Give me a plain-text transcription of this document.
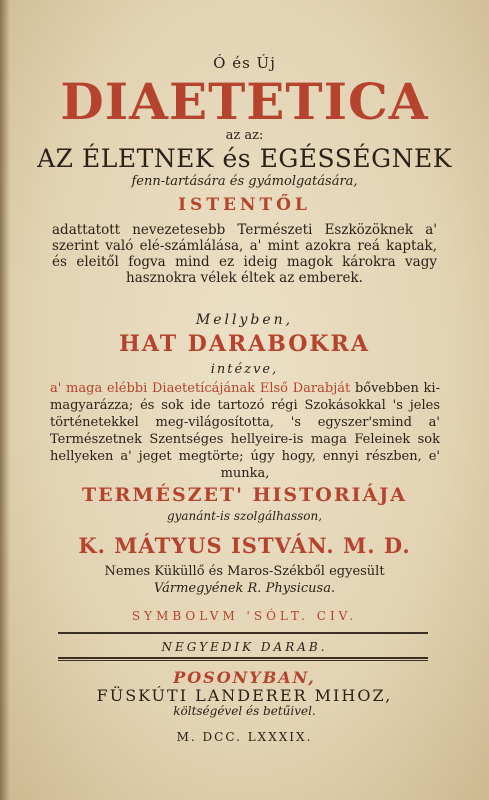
Ó és Új
DIAETETICA
az az:
AZ ÉLETNEK és EGÉSSÉGNEK
fenn-tartására és gyámolgatására,
ISTENTŐL
adattatott nevezetesebb Természeti Eszközöknek a' szerint való elé-számlálása, a' mint azokra reá kaptak, és eleitől fogva mind ez ideig magok károkra vagy hasznokra vélek éltek az emberek.
Mellyben,
HAT DARABOKRA
intézve,
a' maga elébbi Diaetetícájának Első Darabját bővebben ki-magyarázza; és sok ide tartozó régi Szokásokkal 's jeles történetekkel meg-világosította, 's egyszer'smind a' Természetnek Szentséges hellyeire-is maga Feleinek sok hellyeken a' jeget megtörte; úgy hogy, ennyi részben, e' munka,
TERMÉSZET' HISTORIÁJA
gyanánt-is szolgálhasson,
K. MÁTYUS ISTVÁN. M. D.
Nemes Küküllő és Maros-Székből egyesült
Vármegyének R. Physicusa.
SYMBOLVM 'SÓLT. CIV.
NEGYEDIK DARAB.
POSONYBAN,
FÜSKÚTI LANDERER MIHOZ,
költségével és betűivel.
M. DCC. LXXXIX.
